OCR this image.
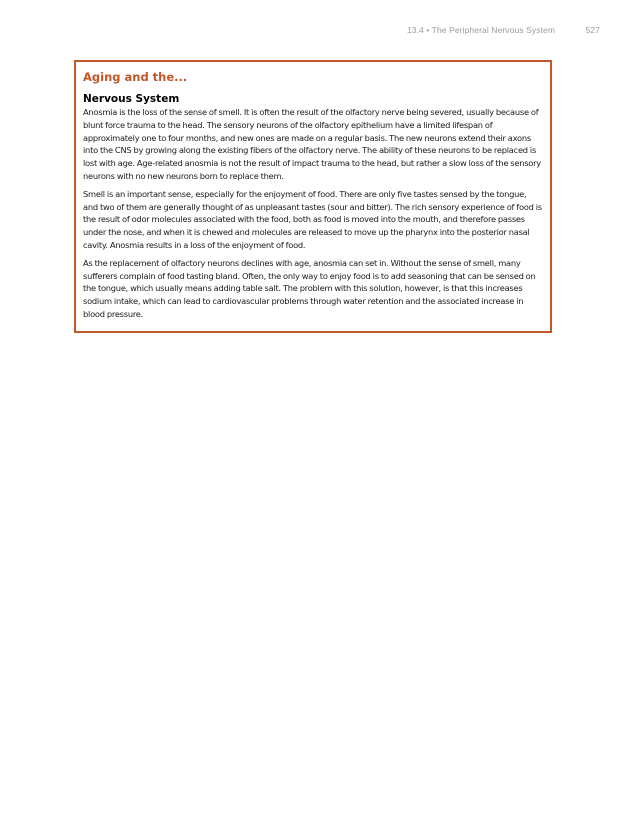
13.4 • The Peripheral Nervous System	527
Aging and the...
Nervous System

Anosmia is the loss of the sense of smell. It is often the result of the olfactory nerve being severed, usually because of blunt force trauma to the head. The sensory neurons of the olfactory epithelium have a limited lifespan of approximately one to four months, and new ones are made on a regular basis. The new neurons extend their axons into the CNS by growing along the existing fibers of the olfactory nerve. The ability of these neurons to be replaced is lost with age. Age-related anosmia is not the result of impact trauma to the head, but rather a slow loss of the sensory neurons with no new neurons born to replace them.

Smell is an important sense, especially for the enjoyment of food. There are only five tastes sensed by the tongue, and two of them are generally thought of as unpleasant tastes (sour and bitter). The rich sensory experience of food is the result of odor molecules associated with the food, both as food is moved into the mouth, and therefore passes under the nose, and when it is chewed and molecules are released to move up the pharynx into the posterior nasal cavity. Anosmia results in a loss of the enjoyment of food.

As the replacement of olfactory neurons declines with age, anosmia can set in. Without the sense of smell, many sufferers complain of food tasting bland. Often, the only way to enjoy food is to add seasoning that can be sensed on the tongue, which usually means adding table salt. The problem with this solution, however, is that this increases sodium intake, which can lead to cardiovascular problems through water retention and the associated increase in blood pressure.
